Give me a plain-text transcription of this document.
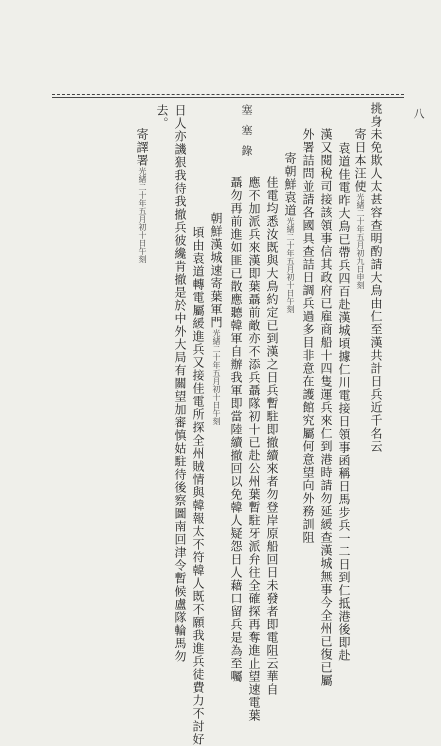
八
塞 塞 錄	挑身未免欺人太甚容查明酌請大鳥由仁至漢共計日兵近千名云
寄日本汪使光緒二十年五月初九日申刻
袁道佳電昨大鳥已帶兵四百赴漢城頃據仁川電接日領事函稱日馬步兵一二日到仁抵港後即赴
漢又閱稅司接該領事信其政府已雇商船十四隻運兵來仁到港時請勿延緩查漢城無事今全州已復已屬
外署詰問並請各國具查詰日調兵過多目非意在護館究屬何意望向外務訓阻
寄朝鮮袁道光緒二十年五月初十日午刻
佳電均悉汝既與大鳥約定已到漢之日兵暫駐即撤續來者勿登岸原船回日未發者即電阻云華自
應不加派兵來漢即葉聶前敵亦不添兵聶隊初十已赴公州葉暫駐牙派弁往全確探再奪進止望速電葉
聶勿再前進如匪已散應聽韓軍自辦我軍即當陸續撤回以免韓人疑怨日人藉口留兵是為至囑
朝鮮漢城速寄葉軍門光緒二十年五月初十日午刻
頃由袁道轉電屬緩進兵又接佳電所探全州賊情與韓報太不符韓人既不願我進兵徒費力不討好
日人亦譏狠我待我撤兵彼纔肯撤是於中外大局有關望加審慎姑駐待後察圖南回津令暫候盧隊輪馬勿
去。
寄譯署光緒二十年五月初十日午刻
